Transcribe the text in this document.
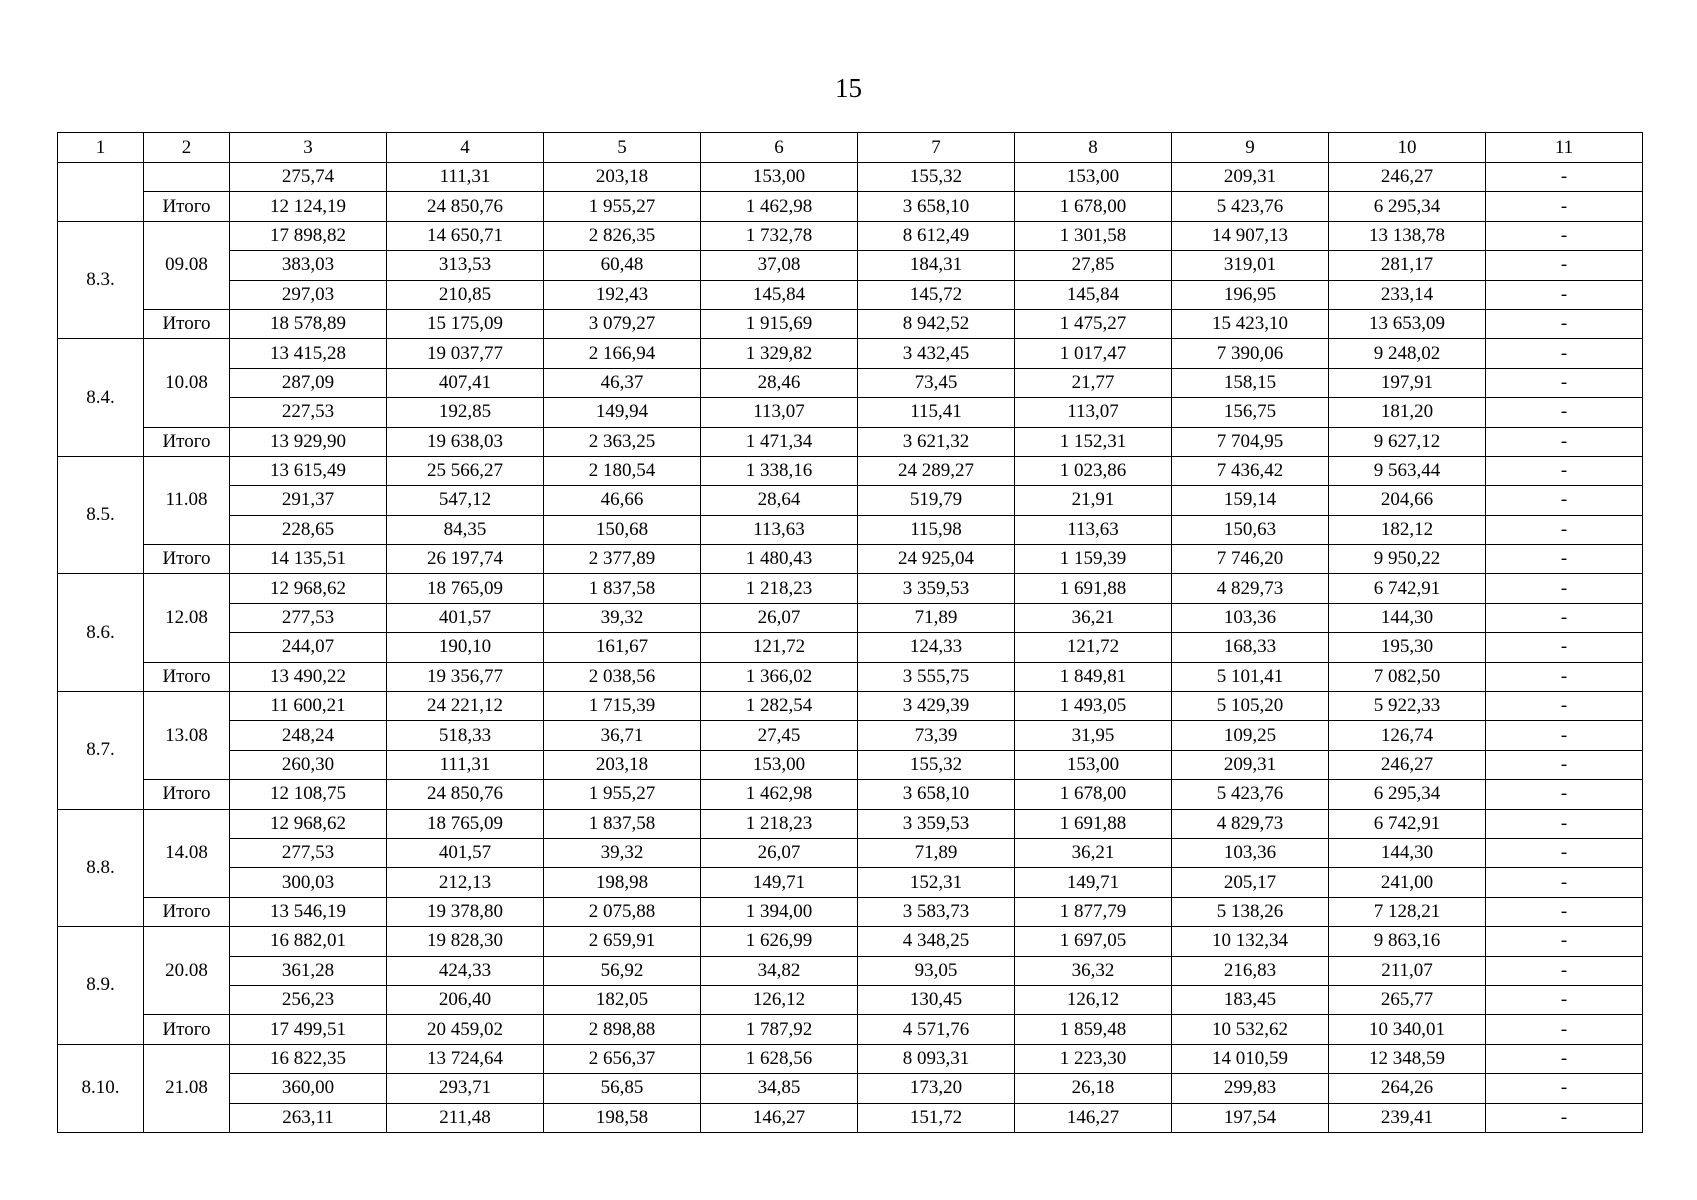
15
1	2	3	4	5	6	7	8	9	10	11
		275,74	111,31	203,18	153,00	155,32	153,00	209,31	246,27	-
	Итого	12 124,19	24 850,76	1 955,27	1 462,98	3 658,10	1 678,00	5 423,76	6 295,34	-
8.3.	09.08	17 898,82	14 650,71	2 826,35	1 732,78	8 612,49	1 301,58	14 907,13	13 138,78	-
		383,03	313,53	60,48	37,08	184,31	27,85	319,01	281,17	-
		297,03	210,85	192,43	145,84	145,72	145,84	196,95	233,14	-
	Итого	18 578,89	15 175,09	3 079,27	1 915,69	8 942,52	1 475,27	15 423,10	13 653,09	-
8.4.	10.08	13 415,28	19 037,77	2 166,94	1 329,82	3 432,45	1 017,47	7 390,06	9 248,02	-
		287,09	407,41	46,37	28,46	73,45	21,77	158,15	197,91	-
		227,53	192,85	149,94	113,07	115,41	113,07	156,75	181,20	-
	Итого	13 929,90	19 638,03	2 363,25	1 471,34	3 621,32	1 152,31	7 704,95	9 627,12	-
8.5.	11.08	13 615,49	25 566,27	2 180,54	1 338,16	24 289,27	1 023,86	7 436,42	9 563,44	-
		291,37	547,12	46,66	28,64	519,79	21,91	159,14	204,66	-
		228,65	84,35	150,68	113,63	115,98	113,63	150,63	182,12	-
	Итого	14 135,51	26 197,74	2 377,89	1 480,43	24 925,04	1 159,39	7 746,20	9 950,22	-
8.6.	12.08	12 968,62	18 765,09	1 837,58	1 218,23	3 359,53	1 691,88	4 829,73	6 742,91	-
		277,53	401,57	39,32	26,07	71,89	36,21	103,36	144,30	-
		244,07	190,10	161,67	121,72	124,33	121,72	168,33	195,30	-
	Итого	13 490,22	19 356,77	2 038,56	1 366,02	3 555,75	1 849,81	5 101,41	7 082,50	-
8.7.	13.08	11 600,21	24 221,12	1 715,39	1 282,54	3 429,39	1 493,05	5 105,20	5 922,33	-
		248,24	518,33	36,71	27,45	73,39	31,95	109,25	126,74	-
		260,30	111,31	203,18	153,00	155,32	153,00	209,31	246,27	-
	Итого	12 108,75	24 850,76	1 955,27	1 462,98	3 658,10	1 678,00	5 423,76	6 295,34	-
8.8.	14.08	12 968,62	18 765,09	1 837,58	1 218,23	3 359,53	1 691,88	4 829,73	6 742,91	-
		277,53	401,57	39,32	26,07	71,89	36,21	103,36	144,30	-
		300,03	212,13	198,98	149,71	152,31	149,71	205,17	241,00	-
	Итого	13 546,19	19 378,80	2 075,88	1 394,00	3 583,73	1 877,79	5 138,26	7 128,21	-
8.9.	20.08	16 882,01	19 828,30	2 659,91	1 626,99	4 348,25	1 697,05	10 132,34	9 863,16	-
		361,28	424,33	56,92	34,82	93,05	36,32	216,83	211,07	-
		256,23	206,40	182,05	126,12	130,45	126,12	183,45	265,77	-
	Итого	17 499,51	20 459,02	2 898,88	1 787,92	4 571,76	1 859,48	10 532,62	10 340,01	-
8.10.	21.08	16 822,35	13 724,64	2 656,37	1 628,56	8 093,31	1 223,30	14 010,59	12 348,59	-
		360,00	293,71	56,85	34,85	173,20	26,18	299,83	264,26	-
		263,11	211,48	198,58	146,27	151,72	146,27	197,54	239,41	-
